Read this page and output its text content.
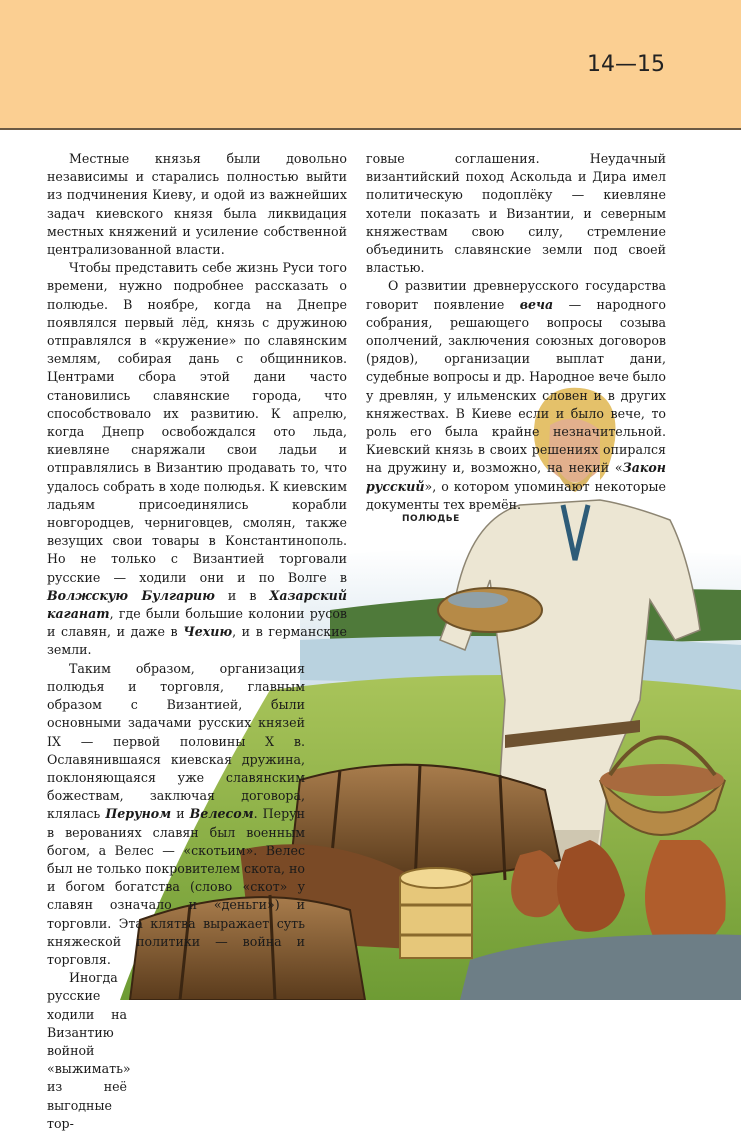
14—15
ПОЛЮДЬЕ

Местные князья были довольно независимы и старались полностью выйти из подчинения Киеву, и одой из важнейших задач киевского князя была ликвидация местных княжений и усиление собственной централизованной власти.

Чтобы представить себе жизнь Руси того времени, нужно подробнее рассказать о полюдье. В ноябре, когда на Днепре появлялся первый лёд, князь с дружиною отправлялся в «кружение» по славянским землям, собирая дань с общинников. Центрами сбора этой дани часто становились славянские города, что способствовало их развитию. К апрелю, когда Днепр освобождался ото льда, киевляне снаряжали свои ладьи и отправлялись в Византию продавать то, что удалось собрать в ходе полюдья. К киевским ладьям присоединялись корабли новгородцев, черниговцев, смолян, также везущих свои товары в Константинополь. Но не только с Византией торговали русские — ходили они и по Волге в Волжскую Булгарию и в Хазарский каганат, где были большие колонии русов и славян, и даже в Чехию, и в германские земли.

Таким образом, организация полюдья и торговля, главным образом с Византией, были основными задачами русских князей IX — первой половины X в. Ославянившаяся киевская дружина, поклоняющаяся уже славянским божествам, заключая договора, клялась Перуном и Велесом. Перун в верованиях славян был военным богом, а Велес — «скотьим». Велес был не только покровителем скота, но и богом богатства (слово «скот» у славян означало и «деньги») и торговли. Эта клятва выражает суть княжеской политики — война и торговля.

Иногда русские ходили на Византию войной «выжимать» из неё выгодные тор-

говые соглашения. Неудачный византийский поход Аскольда и Дира имел политическую подоплёку — киевляне хотели показать и Византии, и северным княжествам свою силу, стремление объединить славянские земли под своей властью.

О развитии древнерусского государства говорит появление веча — народного собрания, решающего вопросы созыва ополчений, заключения союзных договоров (рядов), организации выплат дани, судебные вопросы и др. Народное вече было у древлян, у ильменских словен и в других княжествах. В Киеве если и было вече, то роль его была крайне незначительной. Киевский князь в своих решениях опирался на дружину и, возможно, на некий «Закон русский», о котором упоминают некоторые документы тех времён.
